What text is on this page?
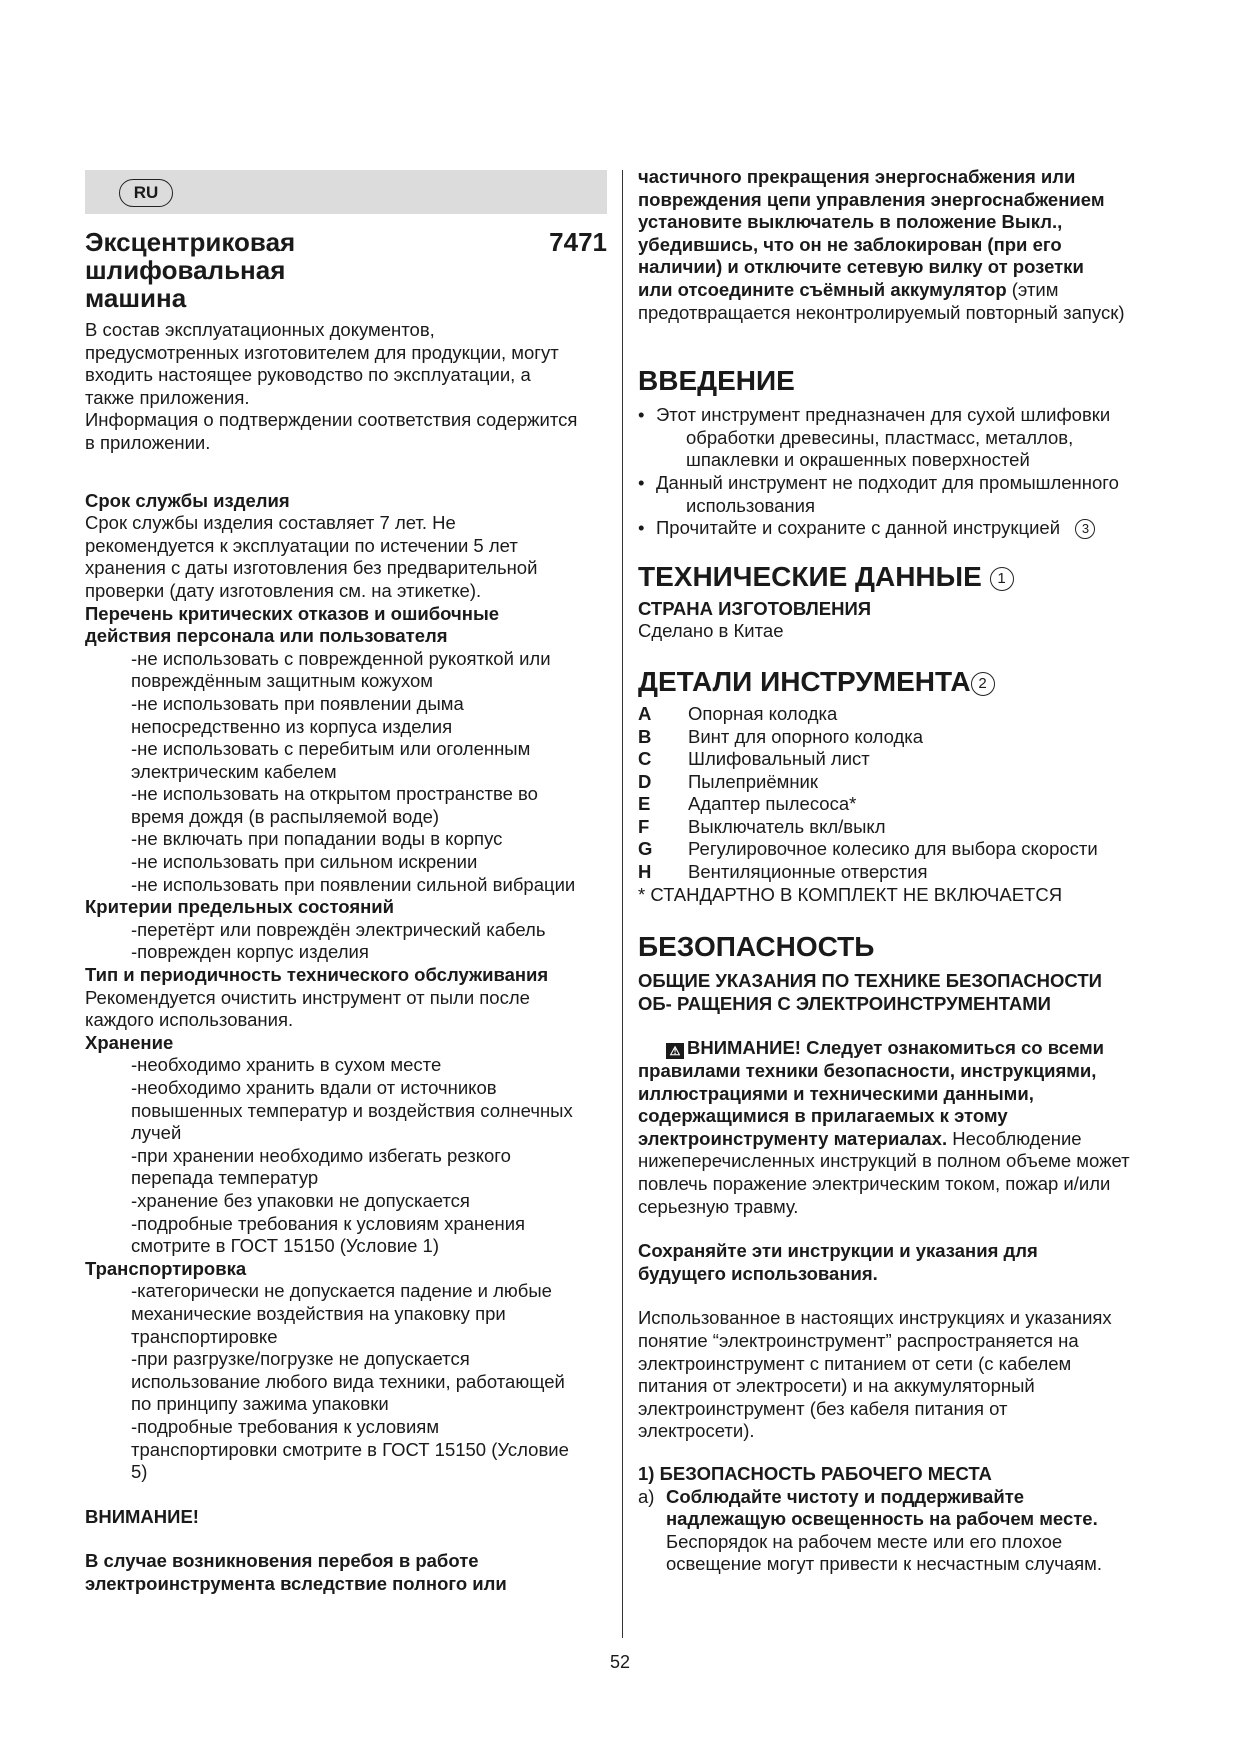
RU
Эксцентриковая
шлифовальная
машина
7471

В состав эксплуатационных документов,

предусмотренных изготовителем для продукции, могут

входить настоящее руководство по эксплуатации, а

также приложения.

Информация о подтверждении соответствия содержится

в приложении.

Срок службы изделия

Срок службы изделия составляет 7 лет. Не

рекомендуется к эксплуатации по истечении 5 лет

хранения с даты изготовления без предварительной

проверки (дату изготовления см. на этикетке).

Перечень критических отказов и ошибочные

действия персонала или пользователя

-не использовать с поврежденной рукояткой или

повреждённым защитным кожухом

-не использовать при появлении дыма

непосредственно из корпуса изделия

-не использовать с перебитым или оголенным

электрическим кабелем

-не использовать на открытом пространстве во

время дождя (в распыляемой воде)

-не включать при попадании воды в корпус

-не использовать при сильном искрении

-не использовать при появлении сильной вибрации

Критерии предельных состояний

-перетёрт или повреждён электрический кабель

-поврежден корпус изделия

Тип и периодичность технического обслуживания

Рекомендуется очистить инструмент от пыли после

каждого использования.

Хранение

-необходимо хранить в сухом месте

-необходимо хранить вдали от источников

повышенных температур и воздействия солнечных

лучей

-при хранении необходимо избегать резкого

перепада температур

-хранение без упаковки не допускается

-подробные требования к условиям хранения

смотрите в ГОСТ 15150 (Условие 1)

Транспортировка

-категорически не допускается падение и любые

механические воздействия на упаковку при

транспортировке

-при разгрузке/погрузке не допускается

использование любого вида техники, работающей

по принципу зажима упаковки

-подробные требования к условиям

транспортировки смотрите в ГОСТ 15150 (Условие

5)

ВНИМАНИЕ!

В случае возникновения перебоя в работе

электроинструмента вследствие полного или

частичного прекращения энергоснабжения или

повреждения цепи управления энергоснабжением

установите выключатель в положение Выкл.,

убедившись, что он не заблокирован (при его

наличии) и отключите сетевую вилку от розетки

или отсоедините съёмный аккумулятор (этим

предотвращается неконтролируемый повторный запуск)

ВВЕДЕНИЕ

• Этот инструмент предназначен для сухой шлифовки
обработки древесины, пластмасс, металлов,
шпаклевки и окрашенных поверхностей
• Данный инструмент не подходит для промышленного
использования
• Прочитайте и сохраните с данной инструкцией 3

ТЕХНИЧЕСКИЕ ДАННЫЕ 1

СТРАНА ИЗГОТОВЛЕНИЯ

Сделано в Китае

ДЕТАЛИ ИНСТРУМЕНТА 2

A	Опорная колодка
B	Винт для опорного колодка
C	Шлифовальный лист
D	Пылеприёмник
E	Адаптер пылесоса*
F	Выключатель вкл/выкл
G	Регулировочное колесико для выбора скорости
H	Вентиляционные отверстия

* СТАНДАРТНО В КОМПЛЕКТ НЕ ВКЛЮЧАЕТСЯ

БЕЗОПАСНОСТЬ

ОБЩИЕ УКАЗАНИЯ ПО ТЕХНИКЕ БЕЗОПАСНОСТИ

ОБ- РАЩЕНИЯ С ЭЛЕКТРОИНСТРУМЕНТАМИ

⚠ ВНИМАНИЕ! Следует ознакомиться со всеми

правилами техники безопасности, инструкциями,

иллюстрациями и техническими данными,

содержащимися в прилагаемых к этому

электроинструменту материалах. Несоблюдение

нижеперечисленных инструкций в полном объеме может

повлечь поражение электрическим током, пожар и/или

серьезную травму.

Сохраняйте эти инструкции и указания для

будущего использования.

Использованное в настоящих инструкциях и указаниях

понятие “электроинструмент” распространяется на

электроинструмент с питанием от сети (с кабелем

питания от электросети) и на аккумуляторный

электроинструмент (без кабеля питания от

электросети).

1) БЕЗОПАСНОСТЬ РАБОЧЕГО МЕСТА

a) Соблюдайте чистоту и поддерживайте

надлежащую освещенность на рабочем месте.

Беспорядок на рабочем месте или его плохое

освещение могут привести к несчастным случаям.

52
